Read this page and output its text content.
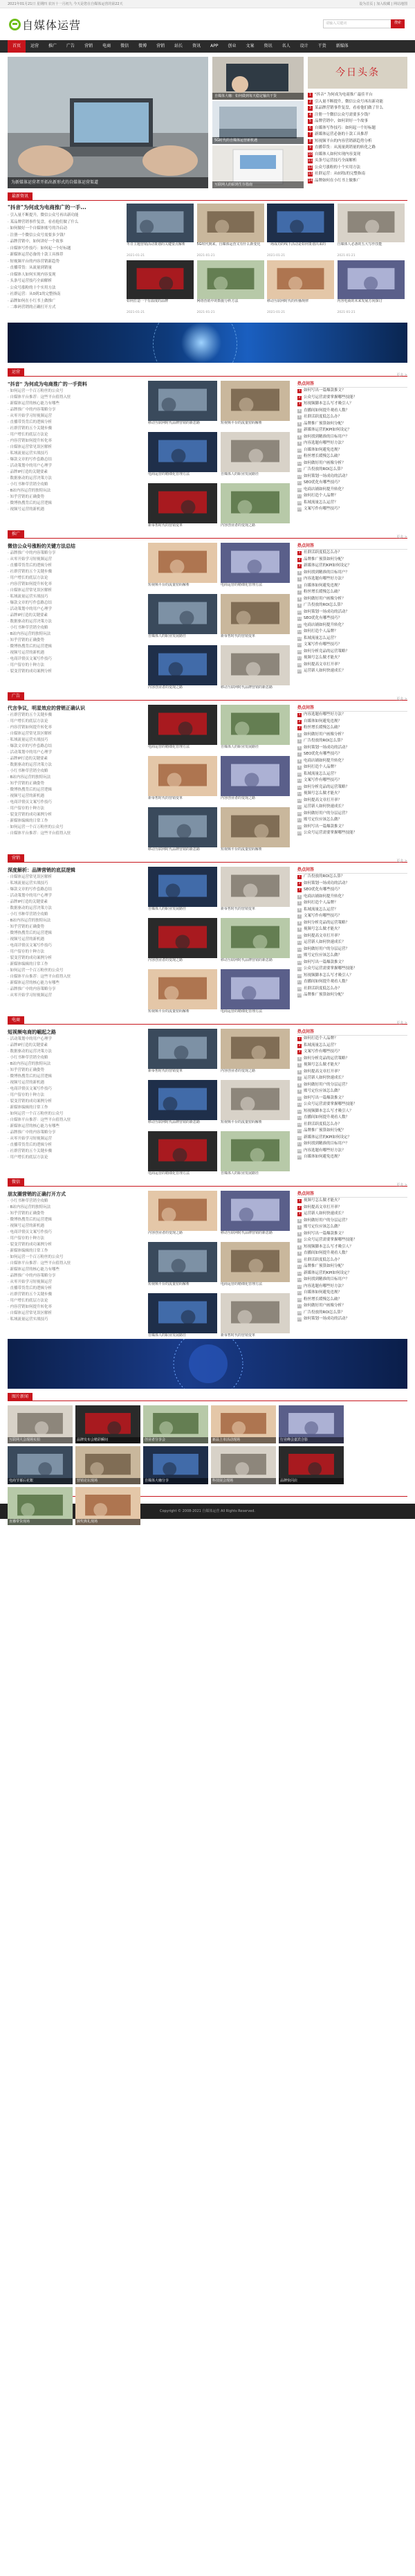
2021年01月21日 星期四 农历十一月初九 今天是您在自媒体运营的第22天	设为首页 | 加入收藏 | 网站地图
自媒体运营	请输入关键词	搜索
首页	运营	推广	广告	营销	电商	微信	微博	营销	站长	资讯	APP	创业	文案	资讯	名人	设计	干货	新媒体
为新媒体运营者开拓出新形式的自媒体运营渠道
自媒体大咖：如何做到每天稳定输出干货
5G时代的自媒体运营新机遇
互联网人的职场生存指南
今日头条
1 "抖音" 为何成为电商推广最佳平台
2 引入量不断提升，微信公众号再出新功能
3 某品牌营销事件复盘，看看他们做了什么
4 注册一个微信公众号需要多少钱？
5 品牌营销中，如何讲好一个故事
6 自媒体写作技巧：如何起一个好标题
7 新媒体运营必备的十款工具推荐
8 短视频平台的内容营销新趋势分析
9 直播带货：从流量到销量的转化之路
10 自媒体人如何实现内容变现
11 头条号运营技巧全面解析
12 公众号涨粉的十个实用方法
13 社群运营：从0到1的完整指南
14 品牌如何在小红书上做推广
最新资讯
"抖音"为何成为电商推广的一手...

· 引入量不断提升，微信公众号再出新功能

· 某品牌营销事件复盘，看看他们做了什么

· 如何做好一个自媒体账号的冷启动

· 注册一个微信公众号需要多少钱？

· 品牌营销中，如何讲好一个故事

· 自媒体写作技巧：如何起一个好标题

· 新媒体运营必备的十款工具推荐

· 短视频平台的内容营销新趋势

· 直播带货：从流量到销量

· 自媒体人如何实现内容变现

· 头条号运营技巧全面解析

· 公众号涨粉的十个实用方法

· 社群运营：从0到1的完整指南

· 品牌如何在小红书上做推广

· 二维码营销的正确打开方式

冬日主题营销活动策划的关键要点解析

2021-01-21

5G时代到来，自媒体运营又有什么新变化

2021-01-21

一场成功的线下活动是如何策划出来的

2021-01-21

自媒体人必备的五大写作技能

2021-01-21

如何打造一个有温度的品牌

2021-01-21

网络营销中的数据分析方法

2021-01-21

移动互联网时代的传播规律

2021-01-21

内容电商的未来发展方向探讨

2021-01-21
运营
更多 >
"抖音" 为何成为电商推广的一手资料

· 如何运营一个百万粉丝的公众号

· 自媒体平台推荐：这些平台值得入驻

· 新媒体运营的核心能力有哪些

· 品牌推广中的内容策略分享

· 从零开始学习短视频运营

· 直播带货背后的逻辑分析

· 社群营销的五个关键步骤

· 用户增长的底层方法论

· 内容营销如何提升转化率

· 自媒体运营常见误区解析

· 私域流量运营实战技巧

· 爆款文章的写作套路总结

· 活动策划中的用户心理学

· 品牌IP打造的关键要素

· 数据驱动的运营决策方法

· 小红书种草营销全攻略

· B站内容运营的独特玩法

· 知乎营销的正确姿势

· 微博热搜背后的运营逻辑

· 视频号运营的新机遇

移动互联网时代品牌营销的新思路	短视频平台的流量密码解析

电商运营的精细化管理方法	自媒体人的职业发展路径

新零售时代的营销变革	内容创业者的变现之路

热点问答
1 如何写出一篇爆款推文？
2 公众号运营需要掌握哪些技能？
3 短视频脚本怎么写才吸引人？
4 直播间如何提升观看人数？
5 社群活跃度低怎么办？
6 品牌推广预算如何分配？
7 新媒体运营的KPI如何设定？
8 如何找到精准的目标用户？
9 内容选题有哪些好方法？
10 自媒体如何避免违规？
11 粉丝增长缓慢怎么破？
12 如何做好用户画像分析？
13 广告投放的ROI怎么算？
14 如何策划一场成功的活动？
15 SEO优化有哪些技巧？
16 电商店铺如何提升转化？
17 如何打造个人品牌？
18 私域流量怎么运营？
19 文案写作有哪些技巧？
推广
更多 >
微信公众号涨粉的关键方法总结

· 品牌推广中的内容策略分享

· 从零开始学习短视频运营

· 直播带货背后的逻辑分析

· 社群营销的五个关键步骤

· 用户增长的底层方法论

· 内容营销如何提升转化率

· 自媒体运营常见误区解析

· 私域流量运营实战技巧

· 爆款文章的写作套路总结

· 活动策划中的用户心理学

· 品牌IP打造的关键要素

· 数据驱动的运营决策方法

· 小红书种草营销全攻略

· B站内容运营的独特玩法

· 知乎营销的正确姿势

· 微博热搜背后的运营逻辑

· 视频号运营的新机遇

· 电商详情页文案写作技巧

· 用户留存的十种方法

· 裂变营销的成功案例分析

短视频平台的流量密码解析	电商运营的精细化管理方法

自媒体人的职业发展路径	新零售时代的营销变革

内容创业者的变现之路	移动互联网时代品牌营销的新思路

热点问答
1 社群活跃度低怎么办？
2 品牌推广预算如何分配？
3 新媒体运营的KPI如何设定？
4 如何找到精准的目标用户？
5 内容选题有哪些好方法？
6 自媒体如何避免违规？
7 粉丝增长缓慢怎么破？
8 如何做好用户画像分析？
9 广告投放的ROI怎么算？
10 如何策划一场成功的活动？
11 SEO优化有哪些技巧？
12 电商店铺如何提升转化？
13 如何打造个人品牌？
14 私域流量怎么运营？
15 文案写作有哪些技巧？
16 如何分析竞品的运营策略？
17 视频号怎么做才能火？
18 如何提高文章打开率？
19 运营新人如何快速成长？
广告
更多 >
代言争议，明星效应的营销正确认识

· 社群营销的五个关键步骤

· 用户增长的底层方法论

· 内容营销如何提升转化率

· 自媒体运营常见误区解析

· 私域流量运营实战技巧

· 爆款文章的写作套路总结

· 活动策划中的用户心理学

· 品牌IP打造的关键要素

· 数据驱动的运营决策方法

· 小红书种草营销全攻略

· B站内容运营的独特玩法

· 知乎营销的正确姿势

· 微博热搜背后的运营逻辑

· 视频号运营的新机遇

· 电商详情页文案写作技巧

· 用户留存的十种方法

· 裂变营销的成功案例分析

· 新媒体编辑的日常工作

· 如何运营一个百万粉丝的公众号

· 自媒体平台推荐：这些平台值得入驻

电商运营的精细化管理方法	自媒体人的职业发展路径

新零售时代的营销变革	内容创业者的变现之路

移动互联网时代品牌营销的新思路	短视频平台的流量密码解析

热点问答
1 内容选题有哪些好方法？
2 自媒体如何避免违规？
3 粉丝增长缓慢怎么破？
4 如何做好用户画像分析？
5 广告投放的ROI怎么算？
6 如何策划一场成功的活动？
7 SEO优化有哪些技巧？
8 电商店铺如何提升转化？
9 如何打造个人品牌？
10 私域流量怎么运营？
11 文案写作有哪些技巧？
12 如何分析竞品的运营策略？
13 视频号怎么做才能火？
14 如何提高文章打开率？
15 运营新人如何快速成长？
16 如何做好用户的分层运营？
17 账号定位应该怎么做？
18 如何写出一篇爆款推文？
19 公众号运营需要掌握哪些技能？
营销
更多 >
深度解析：品牌营销的底层逻辑

· 自媒体运营常见误区解析

· 私域流量运营实战技巧

· 爆款文章的写作套路总结

· 活动策划中的用户心理学

· 品牌IP打造的关键要素

· 数据驱动的运营决策方法

· 小红书种草营销全攻略

· B站内容运营的独特玩法

· 知乎营销的正确姿势

· 微博热搜背后的运营逻辑

· 视频号运营的新机遇

· 电商详情页文案写作技巧

· 用户留存的十种方法

· 裂变营销的成功案例分析

· 新媒体编辑的日常工作

· 如何运营一个百万粉丝的公众号

· 自媒体平台推荐：这些平台值得入驻

· 新媒体运营的核心能力有哪些

· 品牌推广中的内容策略分享

· 从零开始学习短视频运营

自媒体人的职业发展路径	新零售时代的营销变革

内容创业者的变现之路	移动互联网时代品牌营销的新思路

短视频平台的流量密码解析	电商运营的精细化管理方法

热点问答
1 广告投放的ROI怎么算？
2 如何策划一场成功的活动？
3 SEO优化有哪些技巧？
4 电商店铺如何提升转化？
5 如何打造个人品牌？
6 私域流量怎么运营？
7 文案写作有哪些技巧？
8 如何分析竞品的运营策略？
9 视频号怎么做才能火？
10 如何提高文章打开率？
11 运营新人如何快速成长？
12 如何做好用户的分层运营？
13 账号定位应该怎么做？
14 如何写出一篇爆款推文？
15 公众号运营需要掌握哪些技能？
16 短视频脚本怎么写才吸引人？
17 直播间如何提升观看人数？
18 社群活跃度低怎么办？
19 品牌推广预算如何分配？
电商
更多 >
短视频电商的崛起之路

· 活动策划中的用户心理学

· 品牌IP打造的关键要素

· 数据驱动的运营决策方法

· 小红书种草营销全攻略

· B站内容运营的独特玩法

· 知乎营销的正确姿势

· 微博热搜背后的运营逻辑

· 视频号运营的新机遇

· 电商详情页文案写作技巧

· 用户留存的十种方法

· 裂变营销的成功案例分析

· 新媒体编辑的日常工作

· 如何运营一个百万粉丝的公众号

· 自媒体平台推荐：这些平台值得入驻

· 新媒体运营的核心能力有哪些

· 品牌推广中的内容策略分享

· 从零开始学习短视频运营

· 直播带货背后的逻辑分析

· 社群营销的五个关键步骤

· 用户增长的底层方法论

新零售时代的营销变革	内容创业者的变现之路

移动互联网时代品牌营销的新思路	短视频平台的流量密码解析

电商运营的精细化管理方法	自媒体人的职业发展路径

热点问答
1 如何打造个人品牌？
2 私域流量怎么运营？
3 文案写作有哪些技巧？
4 如何分析竞品的运营策略？
5 视频号怎么做才能火？
6 如何提高文章打开率？
7 运营新人如何快速成长？
8 如何做好用户的分层运营？
9 账号定位应该怎么做？
10 如何写出一篇爆款推文？
11 公众号运营需要掌握哪些技能？
12 短视频脚本怎么写才吸引人？
13 直播间如何提升观看人数？
14 社群活跃度低怎么办？
15 品牌推广预算如何分配？
16 新媒体运营的KPI如何设定？
17 如何找到精准的目标用户？
18 内容选题有哪些好方法？
19 自媒体如何避免违规？
微信
更多 >
朋友圈营销的正确打开方式

· 小红书种草营销全攻略

· B站内容运营的独特玩法

· 知乎营销的正确姿势

· 微博热搜背后的运营逻辑

· 视频号运营的新机遇

· 电商详情页文案写作技巧

· 用户留存的十种方法

· 裂变营销的成功案例分析

· 新媒体编辑的日常工作

· 如何运营一个百万粉丝的公众号

· 自媒体平台推荐：这些平台值得入驻

· 新媒体运营的核心能力有哪些

· 品牌推广中的内容策略分享

· 从零开始学习短视频运营

· 直播带货背后的逻辑分析

· 社群营销的五个关键步骤

· 用户增长的底层方法论

· 内容营销如何提升转化率

· 自媒体运营常见误区解析

· 私域流量运营实战技巧

内容创业者的变现之路	移动互联网时代品牌营销的新思路

短视频平台的流量密码解析	电商运营的精细化管理方法

自媒体人的职业发展路径	新零售时代的营销变革

热点问答
1 视频号怎么做才能火？
2 如何提高文章打开率？
3 运营新人如何快速成长？
4 如何做好用户的分层运营？
5 账号定位应该怎么做？
6 如何写出一篇爆款推文？
7 公众号运营需要掌握哪些技能？
8 短视频脚本怎么写才吸引人？
9 直播间如何提升观看人数？
10 社群活跃度低怎么办？
11 品牌推广预算如何分配？
12 新媒体运营的KPI如何设定？
13 如何找到精准的目标用户？
14 内容选题有哪些好方法？
15 自媒体如何避免违规？
16 粉丝增长缓慢怎么破？
17 如何做好用户画像分析？
18 广告投放的ROI怎么算？
19 如何策划一场成功的活动？
图片新闻
互联网大会现场实拍	品牌发布会精彩瞬间	创业者分享会	新品上市活动现场	行业峰会嘉宾合影
电商节幕后花絮	营销论坛现场	自媒体大咖分享	科技展会现场	品牌快闪店
直播带货现场	颁奖典礼现场
Copyright © 2008-2021 自媒体运营 All Rights Reserved.
